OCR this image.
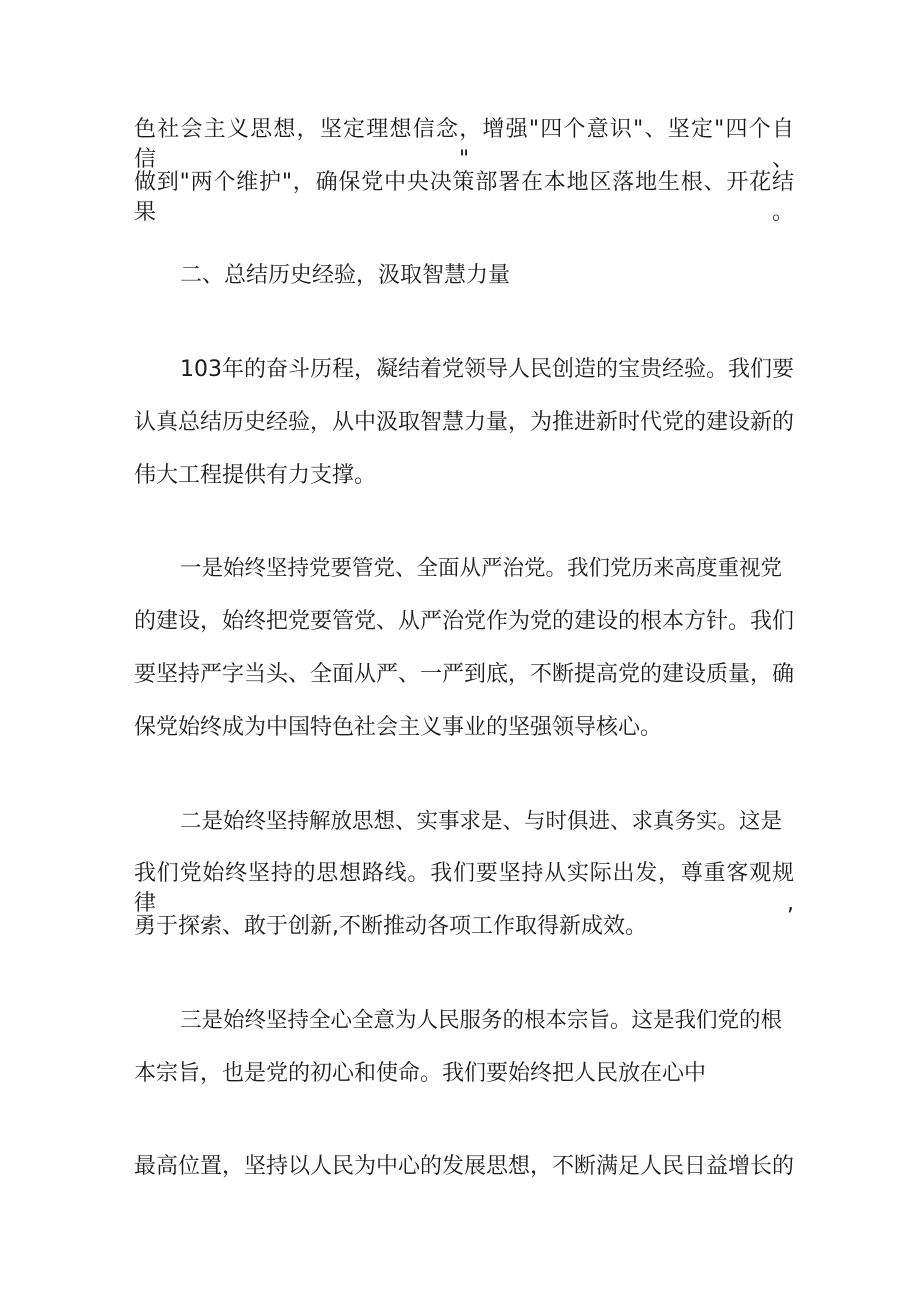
色社会主义思想，坚定理想信念，增强"四个意识"、坚定"四个自信"、
做到"两个维护"，确保党中央决策部署在本地区落地生根、开花结果。
二、总结历史经验，汲取智慧力量
103年的奋斗历程，凝结着党领导人民创造的宝贵经验。我们要
认真总结历史经验，从中汲取智慧力量，为推进新时代党的建设新的
伟大工程提供有力支撑。
一是始终坚持党要管党、全面从严治党。我们党历来高度重视党
的建设，始终把党要管党、从严治党作为党的建设的根本方针。我们
要坚持严字当头、全面从严、一严到底，不断提高党的建设质量，确
保党始终成为中国特色社会主义事业的坚强领导核心。
二是始终坚持解放思想、实事求是、与时俱进、求真务实。这是
我们党始终坚持的思想路线。我们要坚持从实际出发，尊重客观规律,
勇于探索、敢于创新,不断推动各项工作取得新成效。
三是始终坚持全心全意为人民服务的根本宗旨。这是我们党的根
本宗旨，也是党的初心和使命。我们要始终把人民放在心中
最高位置，坚持以人民为中心的发展思想，不断满足人民日益增长的
